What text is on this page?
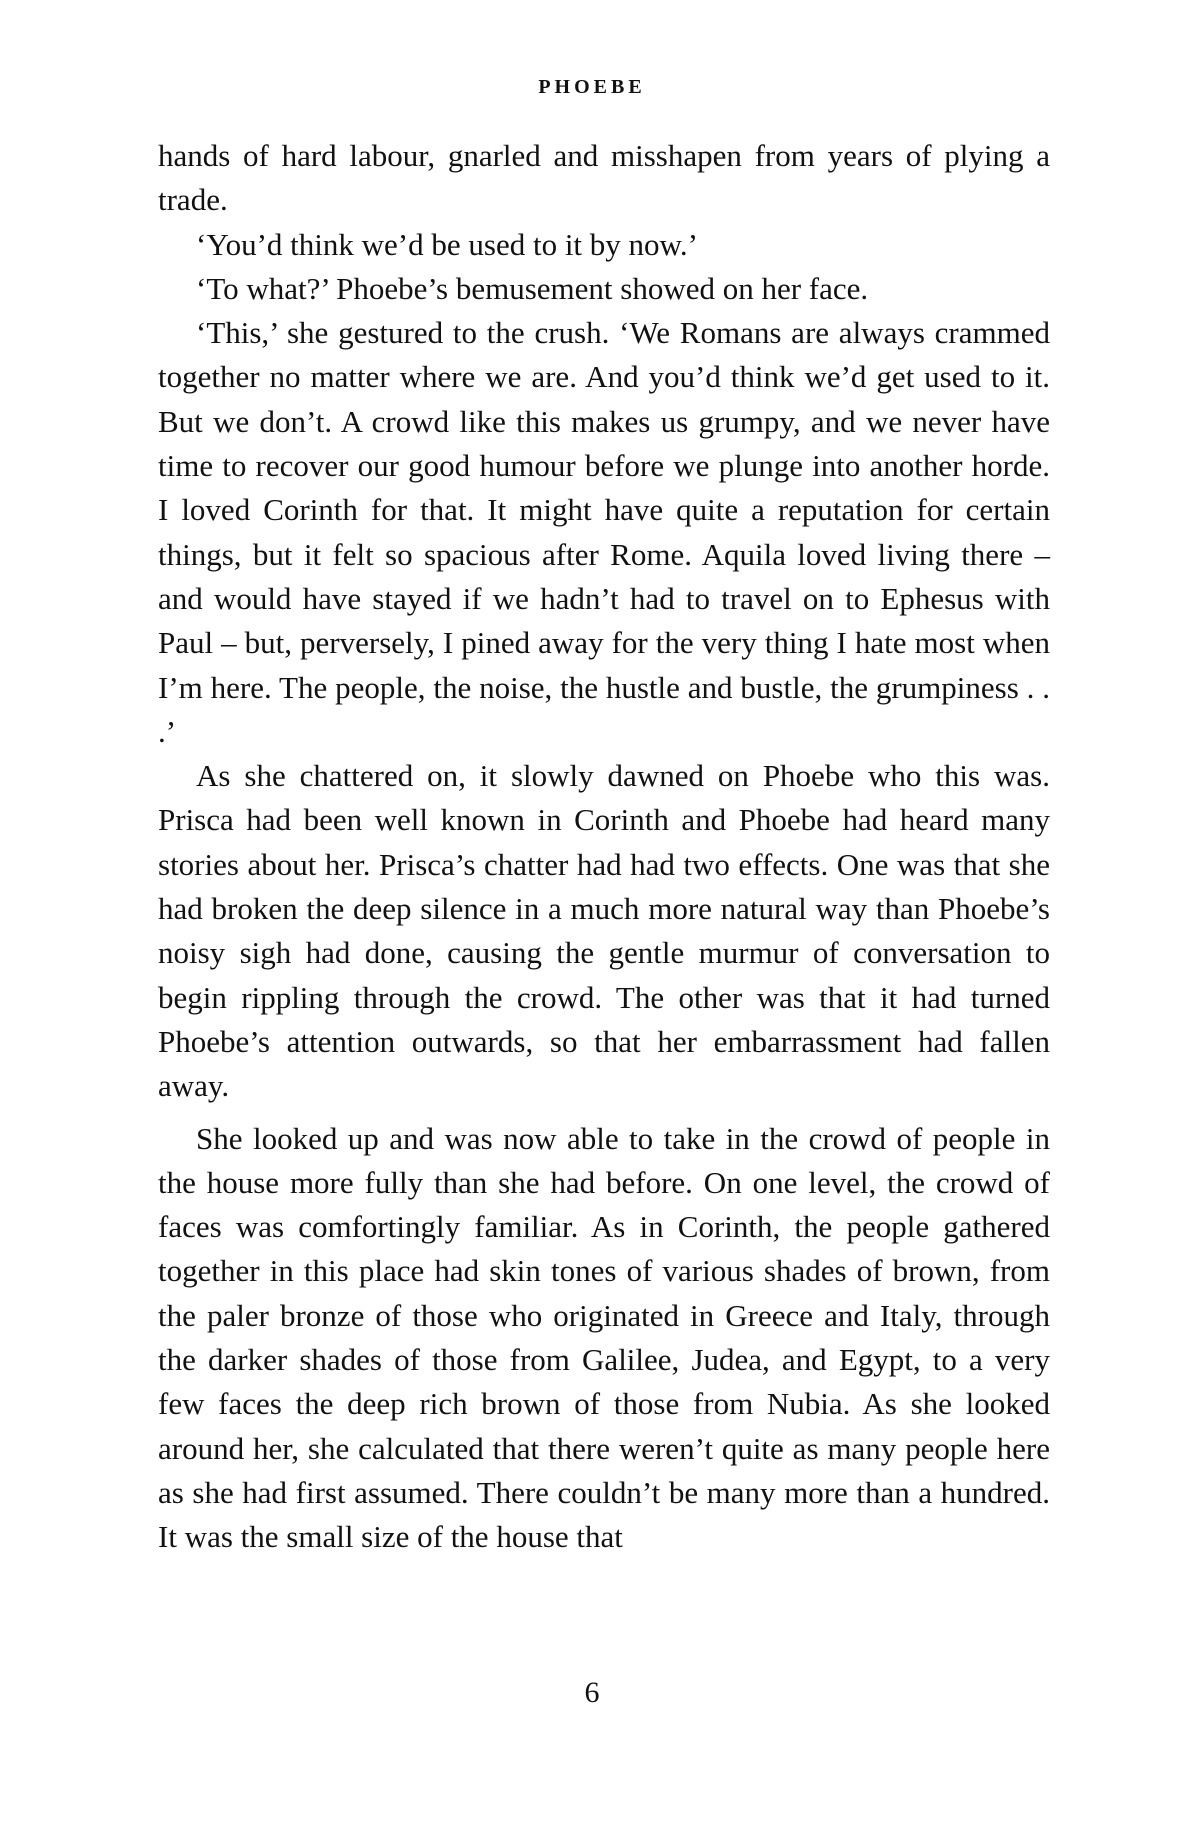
PHOEBE

hands of hard labour, gnarled and misshapen from years of plying a trade.

‘You’d think we’d be used to it by now.’

‘To what?’ Phoebe’s bemusement showed on her face.

‘This,’ she gestured to the crush. ‘We Romans are always crammed together no matter where we are. And you’d think we’d get used to it. But we don’t. A crowd like this makes us grumpy, and we never have time to recover our good humour before we plunge into another horde. I loved Corinth for that. It might have quite a reputation for certain things, but it felt so spacious after Rome. Aquila loved living there – and would have stayed if we hadn’t had to travel on to Ephesus with Paul – but, perversely, I pined away for the very thing I hate most when I’m here. The people, the noise, the hustle and bustle, the grumpiness . . .’

As she chattered on, it slowly dawned on Phoebe who this was. Prisca had been well known in Corinth and Phoebe had heard many stories about her. Prisca’s chatter had had two effects. One was that she had broken the deep silence in a much more natural way than Phoebe’s noisy sigh had done, causing the gentle murmur of conversation to begin rippling through the crowd. The other was that it had turned Phoebe’s attention outwards, so that her embarrassment had fallen away.

She looked up and was now able to take in the crowd of people in the house more fully than she had before. On one level, the crowd of faces was comfortingly familiar. As in Corinth, the people gathered together in this place had skin tones of various shades of brown, from the paler bronze of those who originated in Greece and Italy, through the darker shades of those from Galilee, Judea, and Egypt, to a very few faces the deep rich brown of those from Nubia. As she looked around her, she calculated that there weren’t quite as many people here as she had first assumed. There couldn’t be many more than a hundred. It was the small size of the house that

6
